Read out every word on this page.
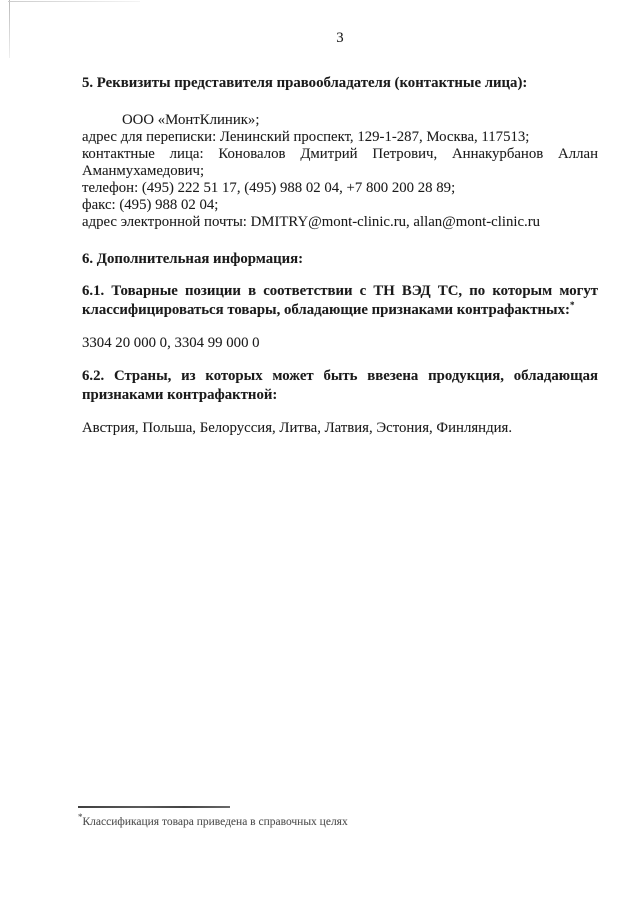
3

5. Реквизиты представителя правообладателя (контактные лица):

ООО «МонтКлиник»;
адрес для переписки: Ленинский проспект, 129-1-287, Москва, 117513;
контактные лица: Коновалов Дмитрий Петрович, Аннакурбанов Аллан Аманмухамедович;
телефон: (495) 222 51 17, (495) 988 02 04, +7 800 200 28 89;
факс: (495) 988 02 04;
адрес электронной почты: DMITRY@mont-clinic.ru, allan@mont-clinic.ru

6. Дополнительная информация:

6.1. Товарные позиции в соответствии с ТН ВЭД ТС, по которым могут классифицироваться товары, обладающие признаками контрафактных:*

3304 20 000 0, 3304 99 000 0

6.2. Страны, из которых может быть ввезена продукция, обладающая признаками контрафактной:

Австрия, Польша, Белоруссия, Литва, Латвия, Эстония, Финляндия.

*Классификация товара приведена в справочных целях
